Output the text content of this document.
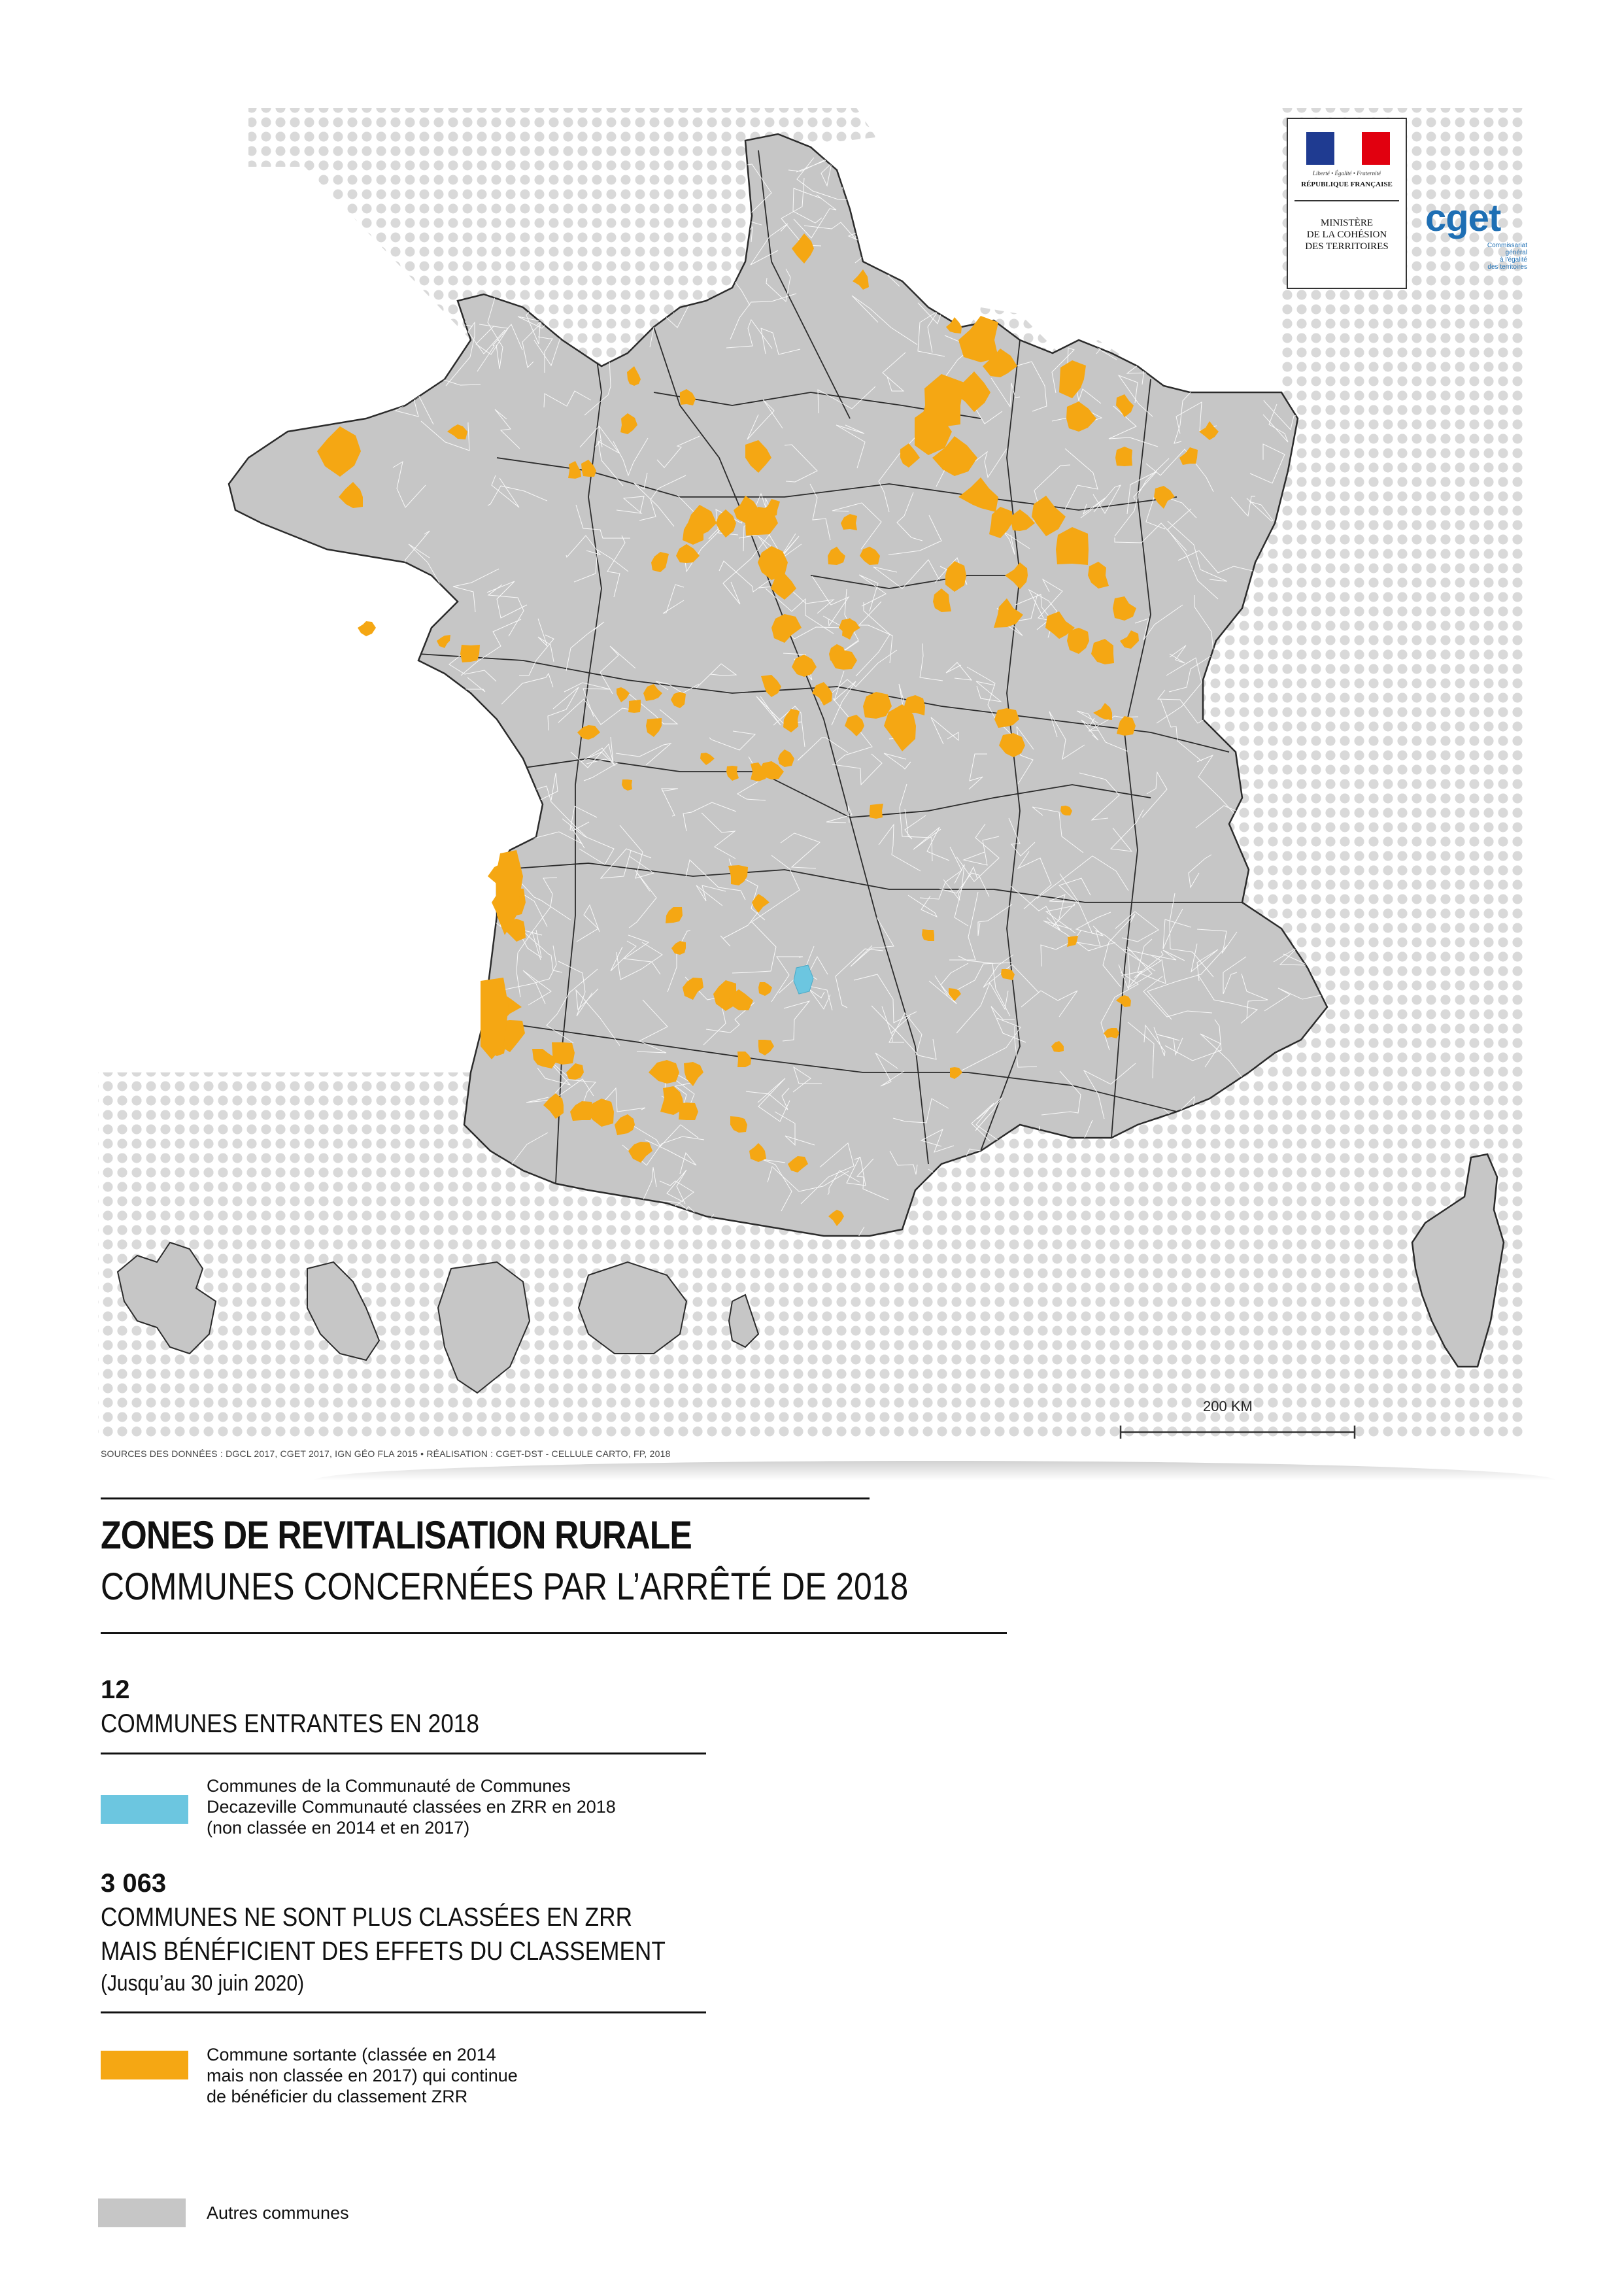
Liberté • Égalité • Fraternité
RÉPUBLIQUE FRANÇAISE
MINISTÈRE
DE LA COHÉSION
DES TERRITOIRES
cget
Commissariat
général
à l'égalité
des territoires
200 KM
SOURCES DES DONNÉES : DGCL 2017, CGET 2017, IGN GÉO FLA 2015 • RÉALISATION : CGET-DST - CELLULE CARTO, FP, 2018
ZONES DE REVITALISATION RURALE
COMMUNES CONCERNÉES PAR L’ARRÊTÉ DE 2018
12
COMMUNES ENTRANTES EN 2018
Communes de la Communauté de Communes
Decazeville Communauté classées en ZRR en 2018
(non classée en 2014 et en 2017)
3 063
COMMUNES NE SONT PLUS CLASSÉES EN ZRR
MAIS BÉNÉFICIENT DES EFFETS DU CLASSEMENT
(Jusqu’au 30 juin 2020)
Commune sortante (classée en 2014
mais non classée en 2017) qui continue
de bénéficier du classement ZRR
Autres communes
